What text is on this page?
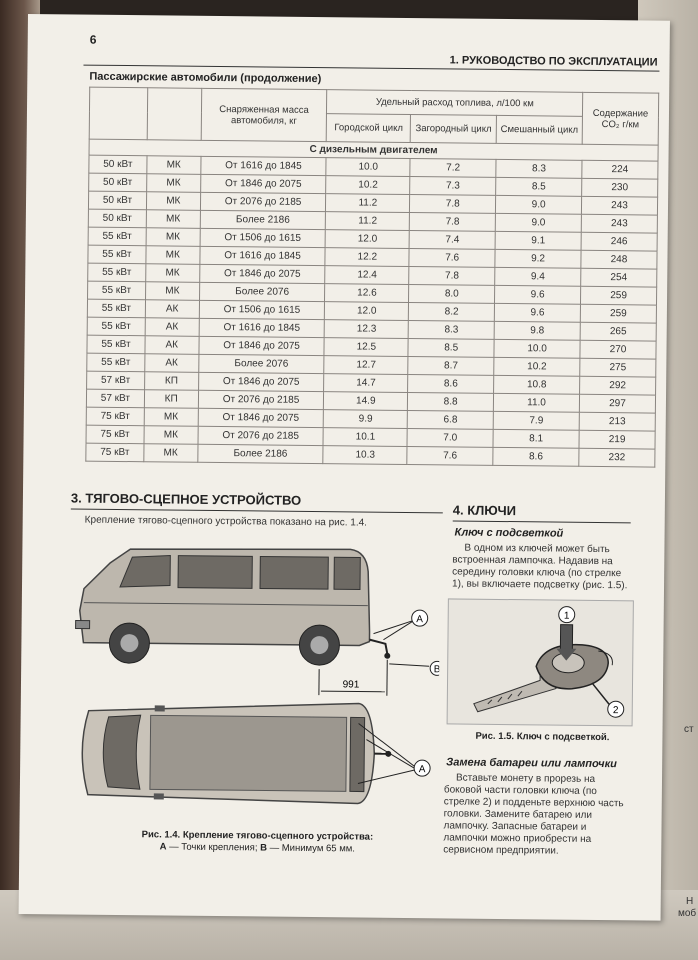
ст
Н
моб
6
1. РУКОВОДСТВО ПО ЭКСПЛУАТАЦИИ
Пассажирские автомобили (продолжение)
		Снаряженная масса автомобиля, кг	Удельный расход топлива, л/100 км			Содержание CO₂ г/км
			Городской цикл	Загородный цикл	Смешанный цикл	
С дизельным двигателем						
50 кВт	МК	От 1616 до 1845	10.0	7.2	8.3	224
50 кВт	МК	От 1846 до 2075	10.2	7.3	8.5	230
50 кВт	МК	От 2076 до 2185	11.2	7.8	9.0	243
50 кВт	МК	Более 2186	11.2	7.8	9.0	243
55 кВт	МК	От 1506 до 1615	12.0	7.4	9.1	246
55 кВт	МК	От 1616 до 1845	12.2	7.6	9.2	248
55 кВт	МК	От 1846 до 2075	12.4	7.8	9.4	254
55 кВт	МК	Более 2076	12.6	8.0	9.6	259
55 кВт	АК	От 1506 до 1615	12.0	8.2	9.6	259
55 кВт	АК	От 1616 до 1845	12.3	8.3	9.8	265
55 кВт	АК	От 1846 до 2075	12.5	8.5	10.0	270
55 кВт	АК	Более 2076	12.7	8.7	10.2	275
57 кВт	КП	От 1846 до 2075	14.7	8.6	10.8	292
57 кВт	КП	От 2076 до 2185	14.9	8.8	11.0	297
75 кВт	МК	От 1846 до 2075	9.9	6.8	7.9	213
75 кВт	МК	От 2076 до 2185	10.1	7.0	8.1	219
75 кВт	МК	Более 2186	10.3	7.6	8.6	232
3. ТЯГОВО-СЦЕПНОЕ УСТРОЙСТВО
Крепление тягово-сцепного устройства показано на рис. 1.4.
A
B
991
A
Рис. 1.4. Крепление тягово-сцепного устройства:
А — Точки крепления; В — Минимум 65 мм.
4. КЛЮЧИ
Ключ с подсветкой
В одном из ключей может быть встроенная лампочка. Надавив на середину головки ключа (по стрелке 1), вы включаете подсветку (рис. 1.5).
1
2
Рис. 1.5. Ключ с подсветкой.
Замена батареи или лампочки
Вставьте монету в прорезь на боковой части головки ключа (по стрелке 2) и подденьте верхнюю часть головки. Замените батарею или лампочку. Запасные батареи и лампочки можно приобрести на сервисном предприятии.
